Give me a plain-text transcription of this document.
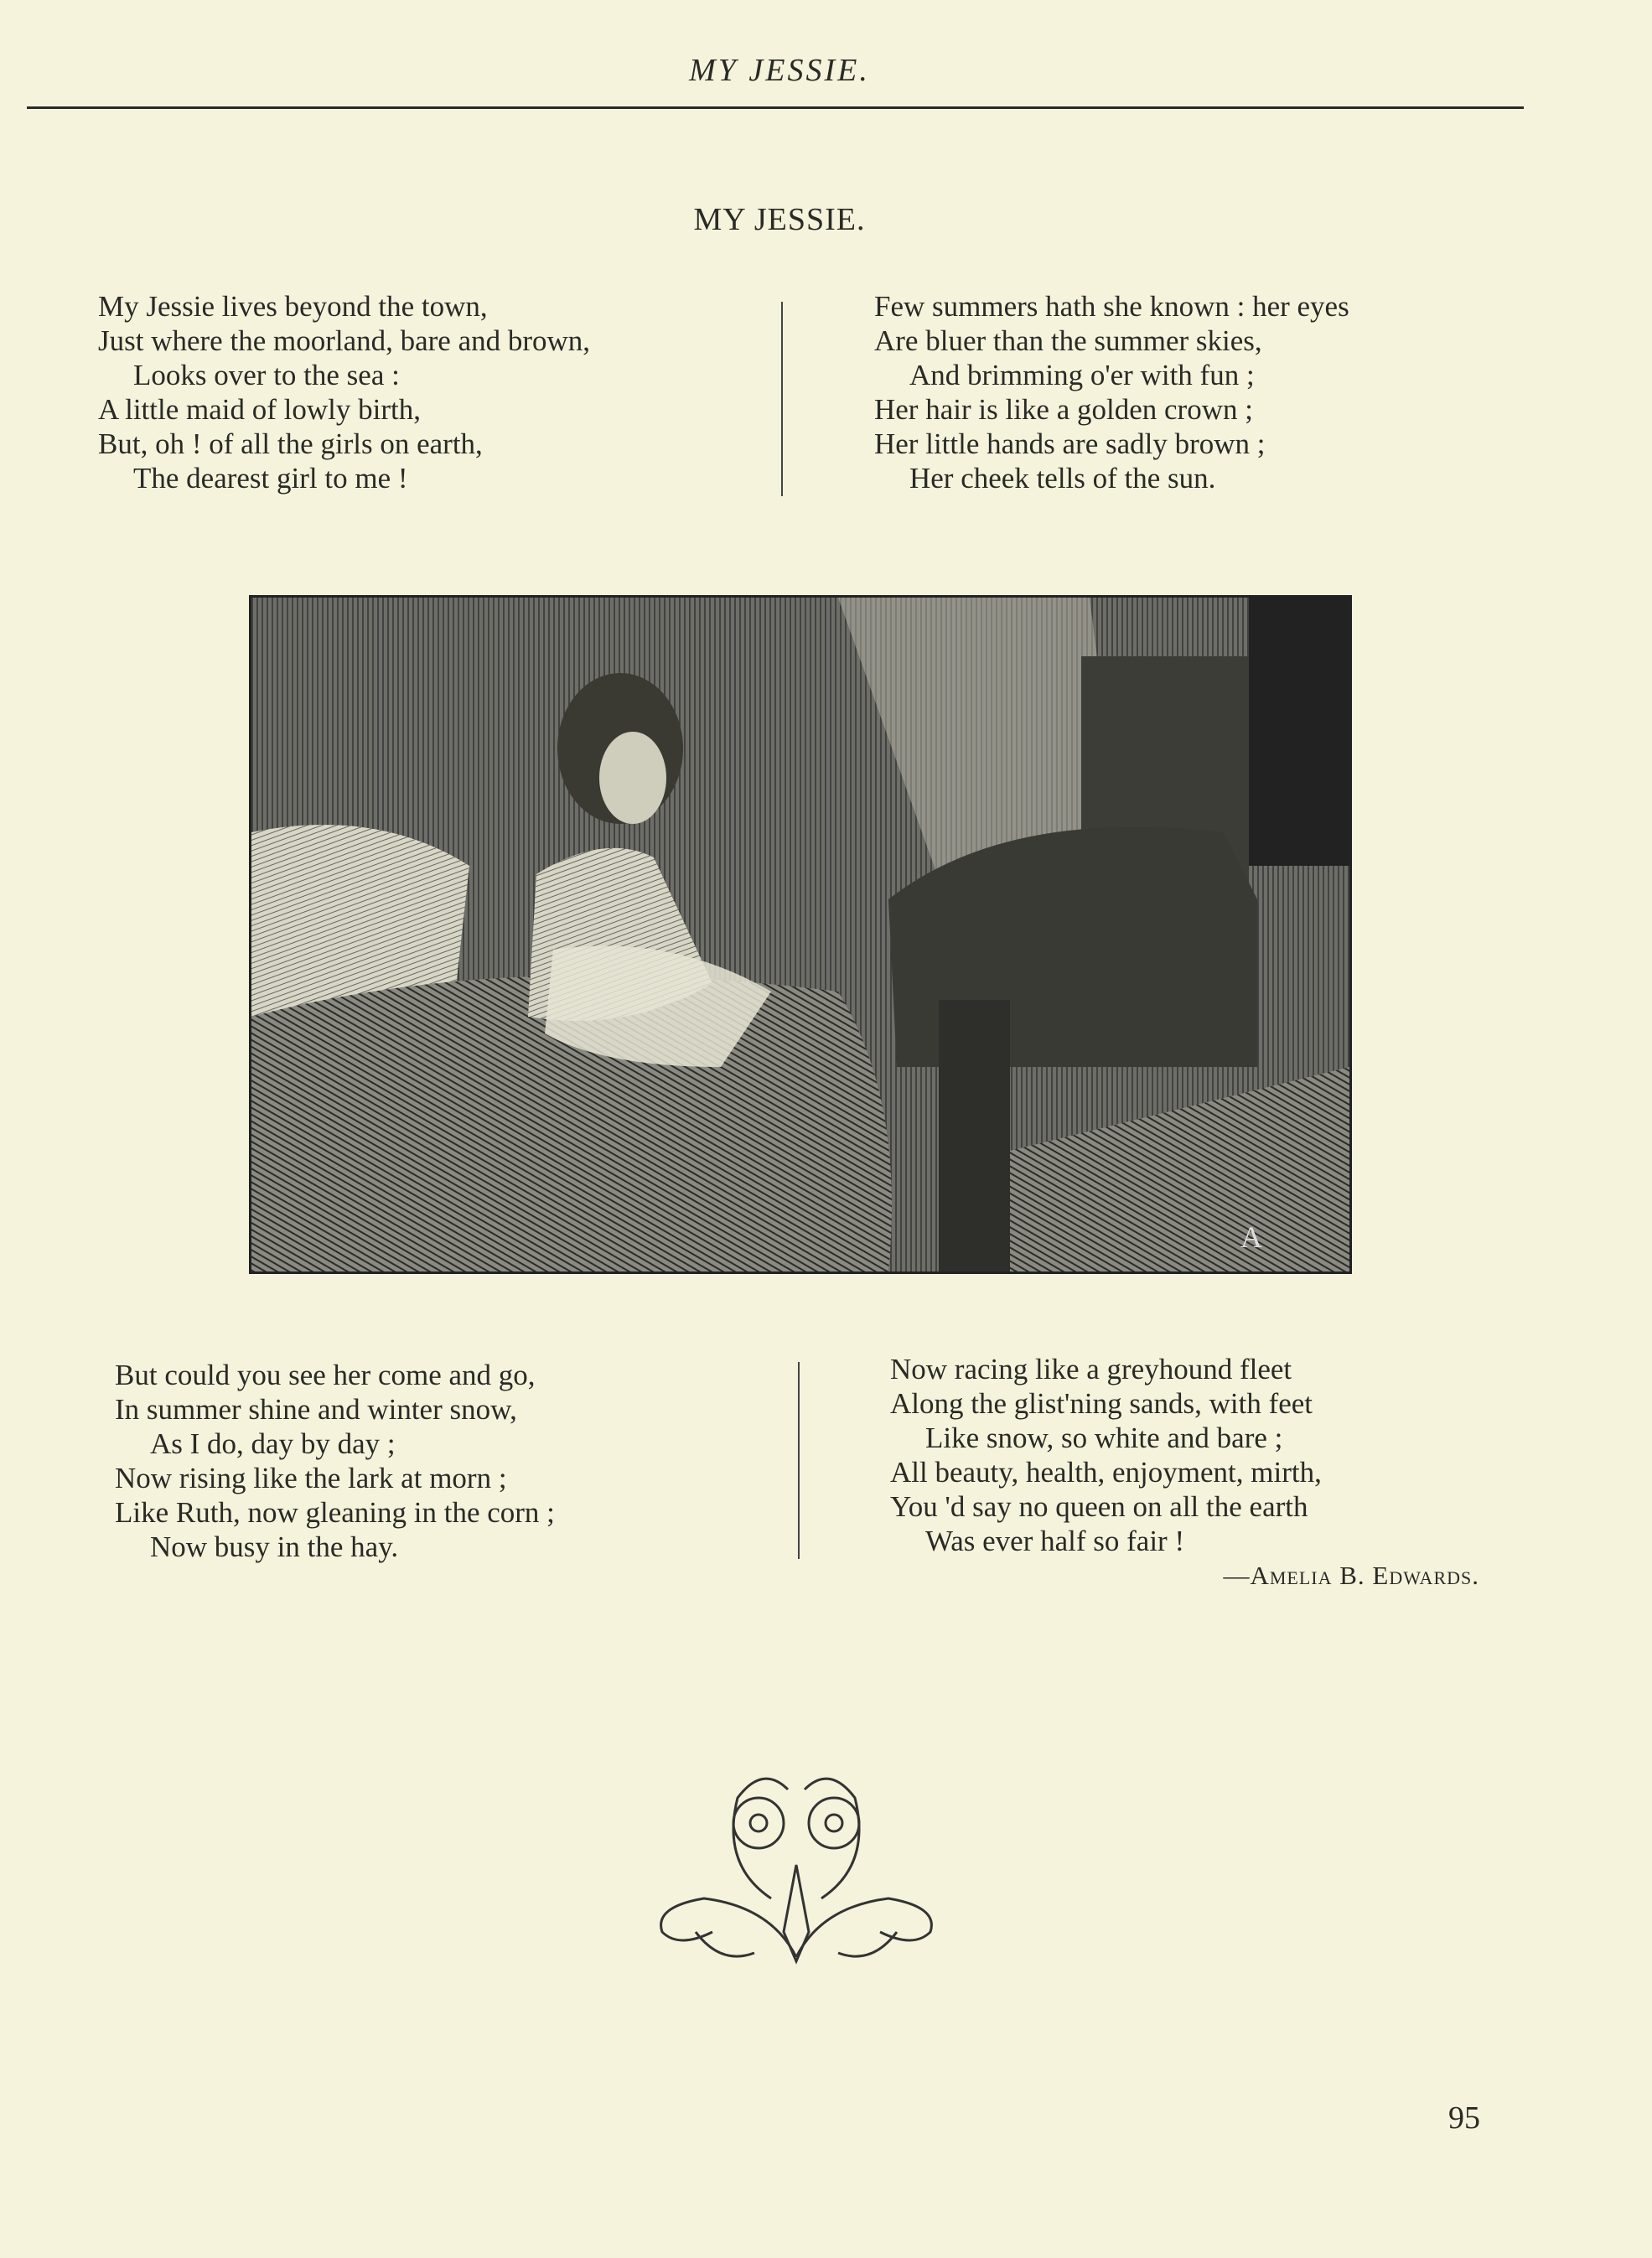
MY JESSIE.
MY JESSIE.
My Jessie lives beyond the town,
Just where the moorland, bare and brown,
Looks over to the sea :
A little maid of lowly birth,
But, oh ! of all the girls on earth,
The dearest girl to me !
Few summers hath she known : her eyes
Are bluer than the summer skies,
And brimming o'er with fun ;
Her hair is like a golden crown ;
Her little hands are sadly brown ;
Her cheek tells of the sun.
A
But could you see her come and go,
In summer shine and winter snow,
As I do, day by day ;
Now rising like the lark at morn ;
Like Ruth, now gleaning in the corn ;
Now busy in the hay.
Now racing like a greyhound fleet
Along the glist'ning sands, with feet
Like snow, so white and bare ;
All beauty, health, enjoyment, mirth,
You 'd say no queen on all the earth
Was ever half so fair !
—Amelia B. Edwards.
95
